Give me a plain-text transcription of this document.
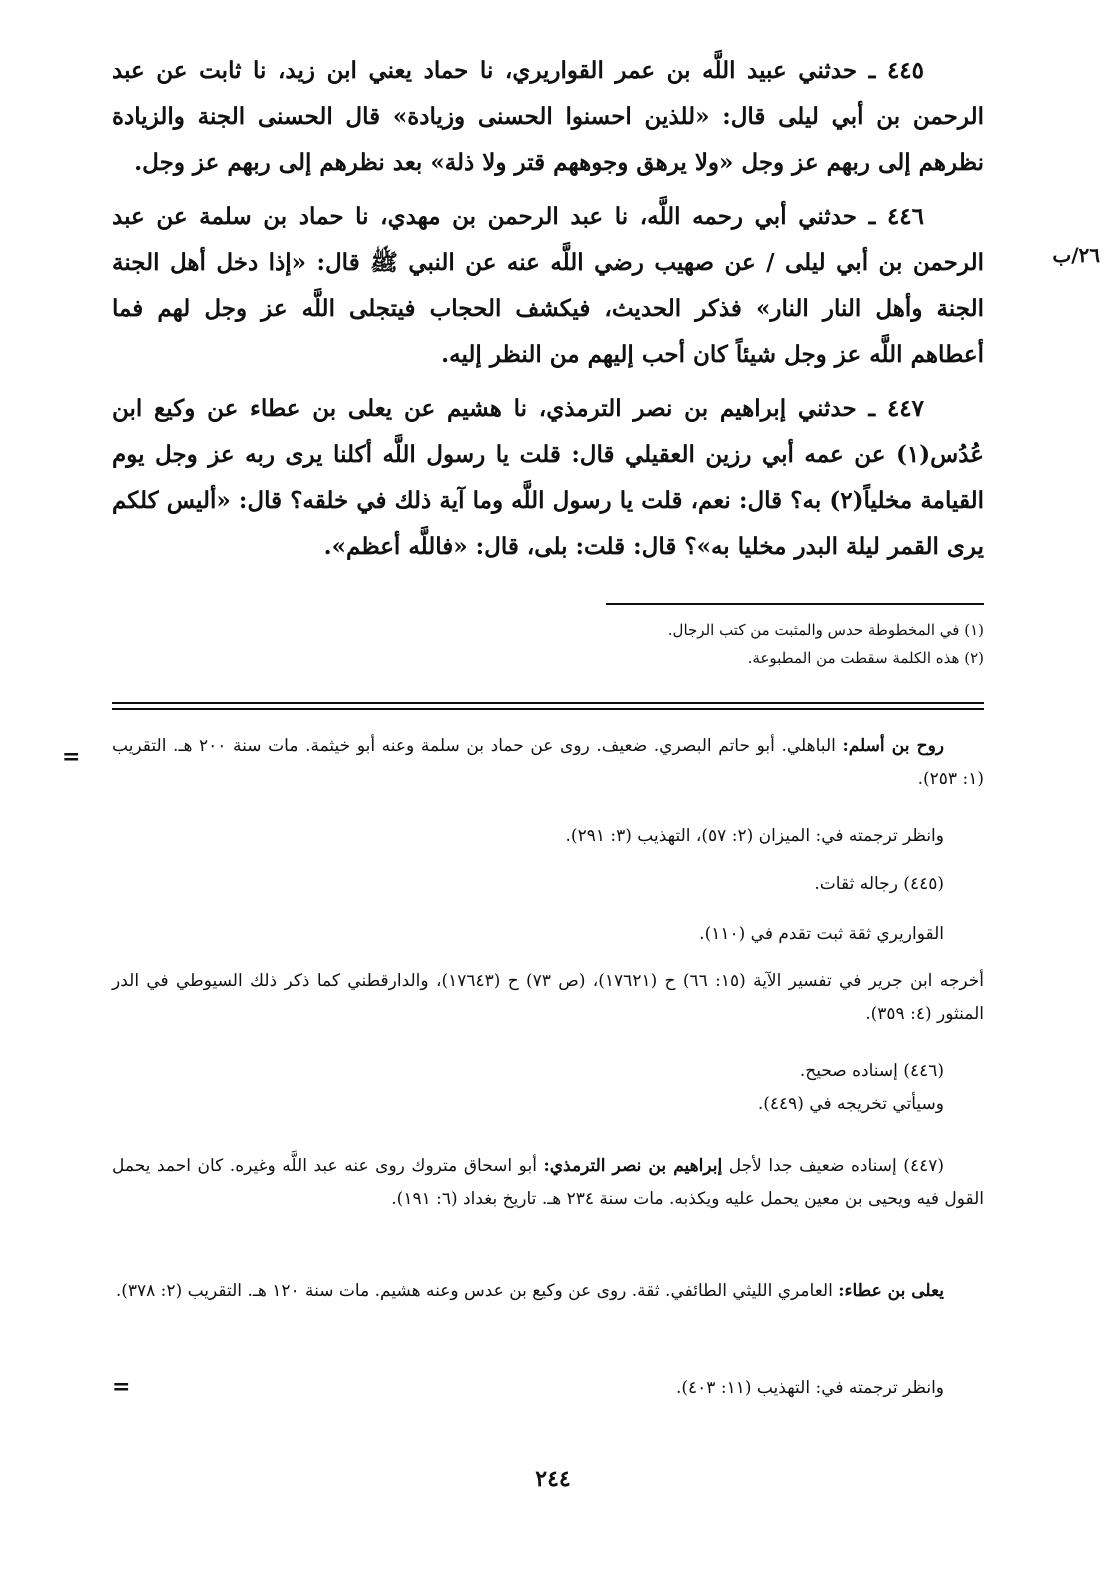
٤٤٥ ـ حدثني عبيد اللَّه بن عمر القواريري، نا حماد يعني ابن زيد، نا ثابت عن عبد الرحمن بن أبي ليلى قال: «للذين احسنوا الحسنى وزيادة» قال الحسنى الجنة والزيادة نظرهم إلى ربهم عز وجل «ولا يرهق وجوههم قتر ولا ذلة» بعد نظرهم إلى ربهم عز وجل.
٤٤٦ ـ حدثني أبي رحمه اللَّه، نا عبد الرحمن بن مهدي، نا حماد بن سلمة عن عبد الرحمن بن أبي ليلى / عن صهيب رضي اللَّه عنه عن النبي ﷺ قال: «إذا دخل أهل الجنة الجنة وأهل النار النار» فذكر الحديث، فيكشف الحجاب فيتجلى اللَّه عز وجل لهم فما أعطاهم اللَّه عز وجل شيئاً كان أحب إليهم من النظر إليه.
٢٦/ب
٤٤٧ ـ حدثني إبراهيم بن نصر الترمذي، نا هشيم عن يعلى بن عطاء عن وكيع ابن عُدُس(١) عن عمه أبي رزين العقيلي قال: قلت يا رسول اللَّه أكلنا يرى ربه عز وجل يوم القيامة مخلياً(٢) به؟ قال: نعم، قلت يا رسول اللَّه وما آية ذلك في خلقه؟ قال: «أليس كلكم يرى القمر ليلة البدر مخليا به»؟ قال: قلت: بلى، قال: «فاللَّه أعظم».
(١) في المخطوطة حدس والمثبت من كتب الرجال.
(٢) هذه الكلمة سقطت من المطبوعة.
=	روح بن أسلم: الباهلي. أبو حاتم البصري. ضعيف. روى عن حماد بن سلمة وعنه أبو خيثمة. مات سنة ٢٠٠ هـ. التقريب (١: ٢٥٣).
وانظر ترجمته في: الميزان (٢: ٥٧)، التهذيب (٣: ٢٩١).
(٤٤٥) رجاله ثقات.
القواريري ثقة ثبت تقدم في (١١٠).
أخرجه ابن جرير في تفسير الآية (١٥: ٦٦) ح (١٧٦٢١)، (ص ٧٣) ح (١٧٦٤٣)، والدارقطني كما ذكر ذلك السيوطي في الدر المنثور (٤: ٣٥٩).
(٤٤٦) إسناده صحيح.
وسيأتي تخريجه في (٤٤٩).
(٤٤٧) إسناده ضعيف جدا لأجل إبراهيم بن نصر الترمذي: أبو اسحاق متروك روى عنه عبد اللَّه وغيره. كان احمد يحمل القول فيه ويحيى بن معين يحمل عليه ويكذبه. مات سنة ٢٣٤ هـ. تاريخ بغداد (٦: ١٩١).
يعلى بن عطاء: العامري الليثي الطائفي. ثقة. روى عن وكيع بن عدس وعنه هشيم. مات سنة ١٢٠ هـ. التقريب (٢: ٣٧٨).
وانظر ترجمته في: التهذيب (١١: ٤٠٣).
=
٢٤٤
